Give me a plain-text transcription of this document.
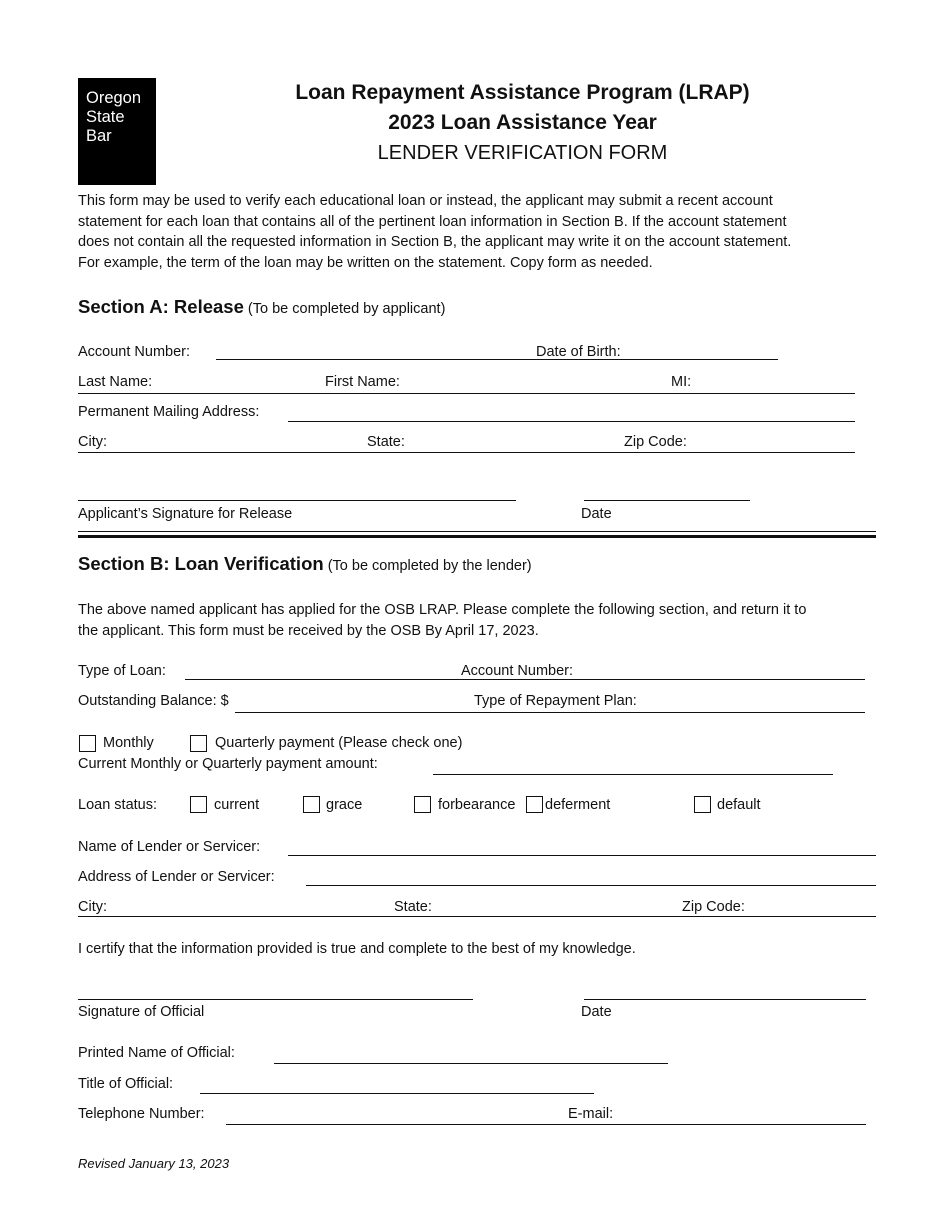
Oregon
State
Bar
Loan Repayment Assistance Program (LRAP)
2023 Loan Assistance Year
LENDER VERIFICATION FORM
This form may be used to verify each educational loan or instead, the applicant may submit a recent account
statement for each loan that contains all of the pertinent loan information in Section B. If the account statement
does not contain all the requested information in Section B, the applicant may write it on the account statement.
For example, the term of the loan may be written on the statement. Copy form as needed.
Section A: Release (To be completed by applicant)
Account Number:	Date of Birth:
Last Name:	First Name:	MI:
Permanent Mailing Address:
City:	State:	Zip Code:
Applicant’s Signature for Release	Date
Section B: Loan Verification (To be completed by the lender)
The above named applicant has applied for the OSB LRAP. Please complete the following section, and return it to
the applicant. This form must be received by the OSB By April 17, 2023.
Type of Loan:	Account Number:
Outstanding Balance: $	Type of Repayment Plan:
Monthly	Quarterly payment (Please check one)
Current Monthly or Quarterly payment amount:
Loan status:	current	grace	forbearance deferment	default
Name of Lender or Servicer:
Address of Lender or Servicer:
City:	State:	Zip Code:
I certify that the information provided is true and complete to the best of my knowledge.
Signature of Official	Date
Printed Name of Official:
Title of Official:
Telephone Number:	E-mail:
Revised January 13, 2023
